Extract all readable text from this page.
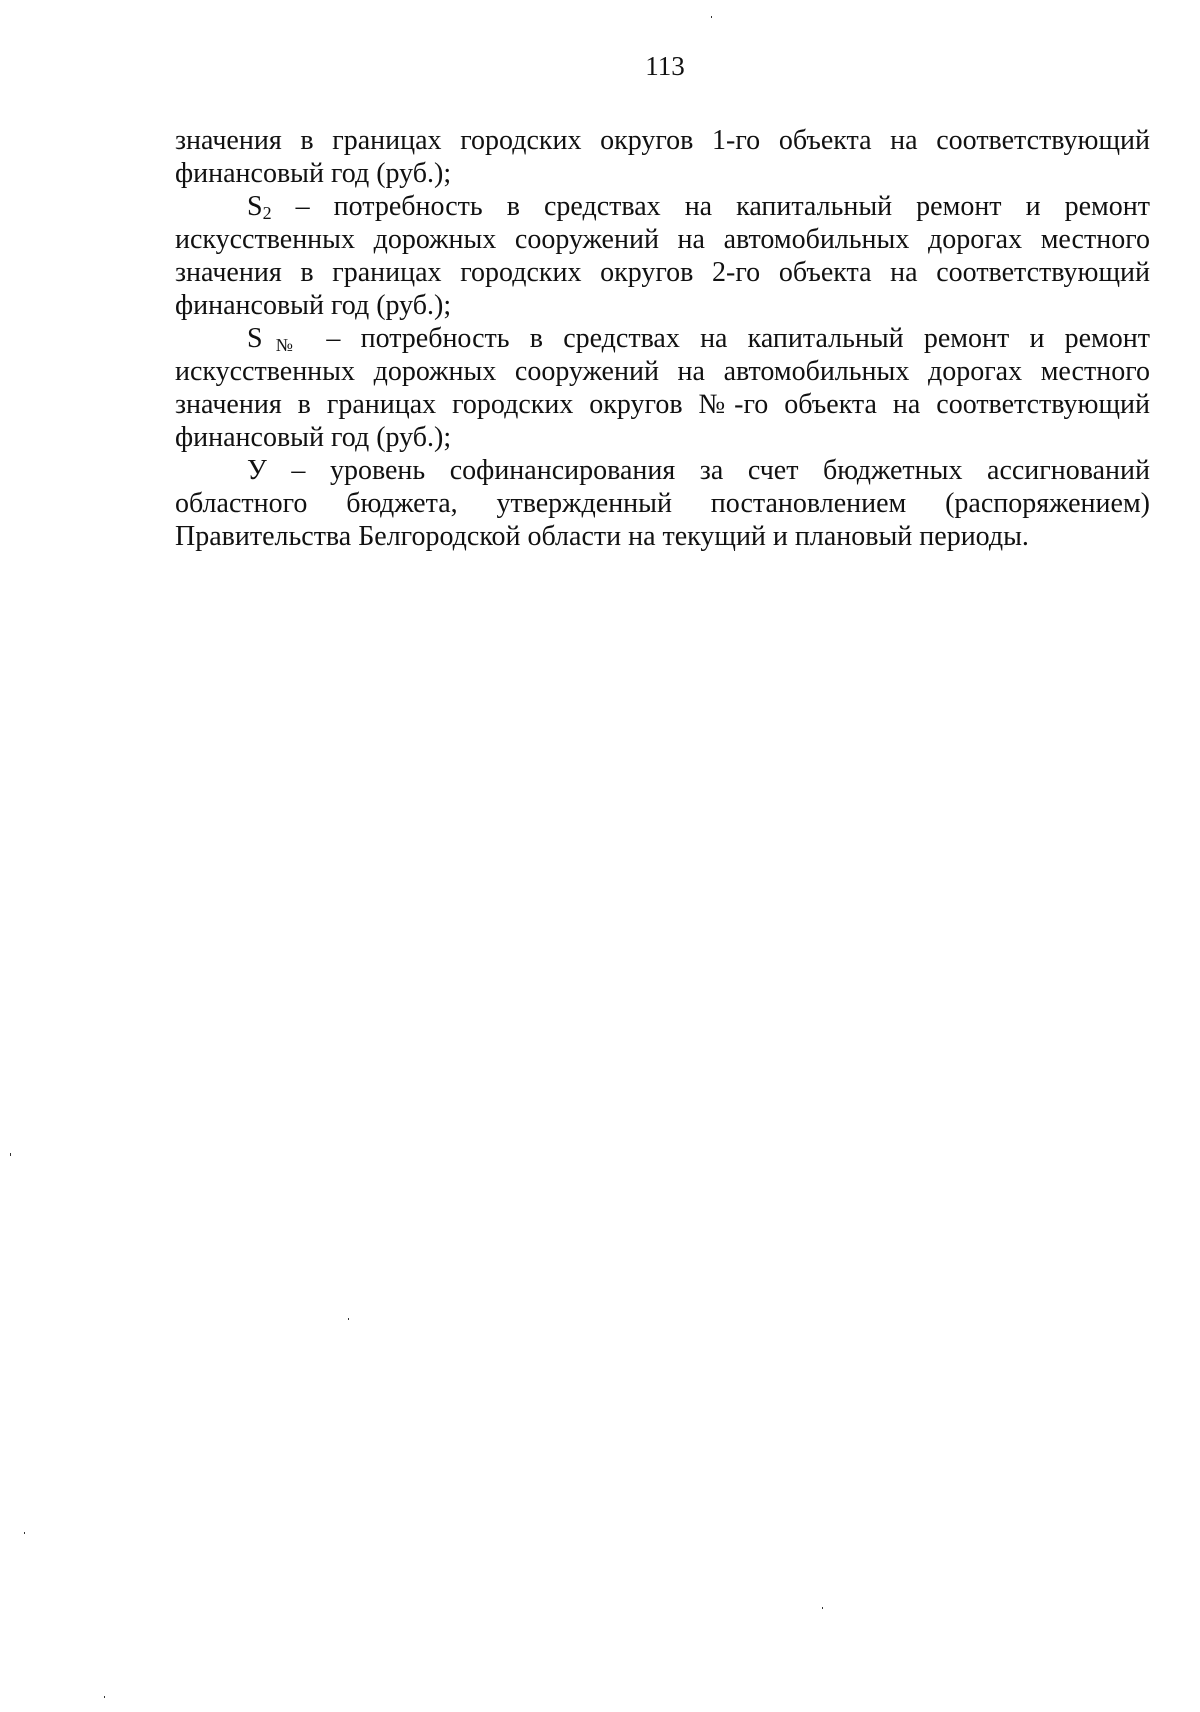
113

значения в границах городских округов 1-го объекта на соответствующий финансовый год (руб.);

$S_2$ – потребность в средствах на капитальный ремонт и ремонт искусственных дорожных сооружений на автомобильных дорогах местного значения в границах городских округов 2-го объекта на соответствующий финансовый год (руб.);

$S_№$ – потребность в средствах на капитальный ремонт и ремонт искусственных дорожных сооружений на автомобильных дорогах местного значения в границах городских округов №-го объекта на соответствующий финансовый год (руб.);

У – уровень софинансирования за счет бюджетных ассигнований областного бюджета, утвержденный постановлением (распоряжением) Правительства Белгородской области на текущий и плановый периоды.
